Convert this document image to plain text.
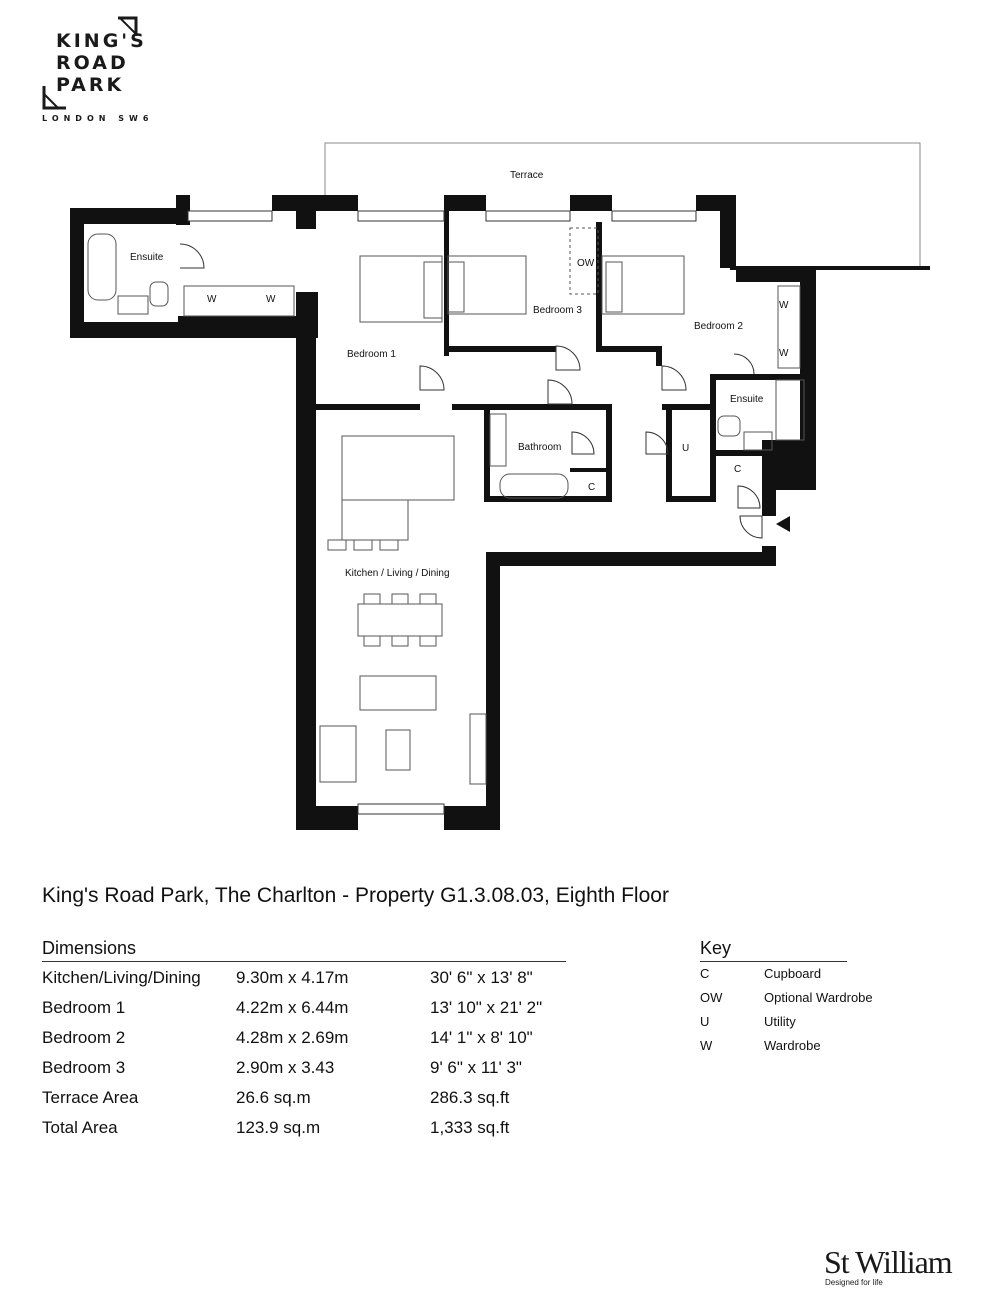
KING'S
ROAD
PARK
LONDON SW6
Terrace
Ensuite
Bedroom 1
Bedroom 3
OW
Bedroom 2
Ensuite
Bathroom	U
C
C
Kitchen / Living / Dining
W	W
W
W
King's Road Park, The Charlton - Property G1.3.08.03, Eighth Floor
Dimensions
Kitchen/Living/Dining 9.30m x 4.17m	30' 6" x 13' 8"
Bedroom 1	4.22m x 6.44m	13' 10" x 21' 2"
Bedroom 2	4.28m x 2.69m	14' 1" x 8' 10"
Bedroom 3	2.90m x 3.43	9' 6" x 11' 3"
Terrace Area	26.6 sq.m	286.3 sq.ft
Total Area	123.9 sq.m	1,333 sq.ft
Key
C	Cupboard
OW	Optional Wardrobe
U	Utility
W	Wardrobe
St William
Designed for life
